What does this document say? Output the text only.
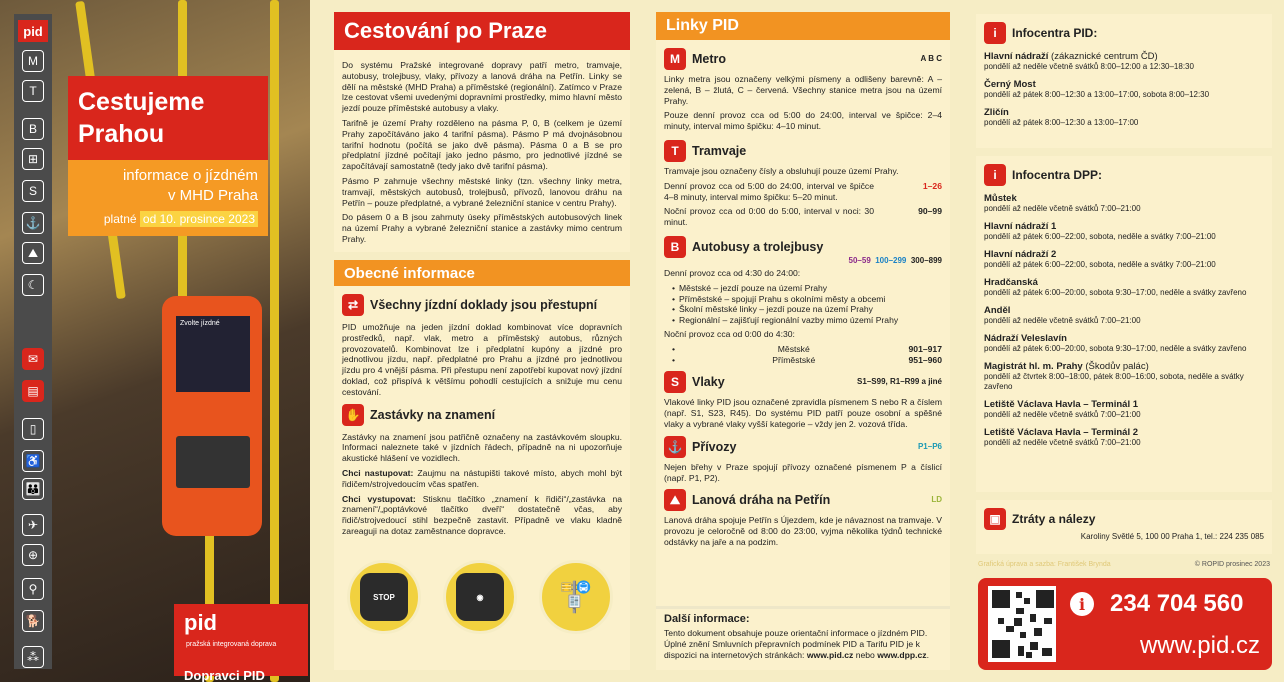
M
T
B
⊞
S
⚓
⛰
☾
✉
▤
▯
♿
👪
✈
⊕
⚲
🐕
⁂
pid
Cestujeme
Prahou
informace o jízdném
v MHD Praha
platné od 10. prosince 2023
Zvolte jízdné
pid pražská integrovaná doprava
Dopravci PID
Cestování po Praze

Do systému Pražské integrované dopravy patří metro, tramvaje, autobusy, trolejbusy, vlaky, přívozy a lanová dráha na Petřín. Linky se dělí na městské (MHD Praha) a příměstské (regionální). Zatímco v Praze lze cestovat všemi uvedenými dopravními prostředky, mimo hlavní město jezdí pouze příměstské autobusy a vlaky.

Tarifně je území Prahy rozděleno na pásma P, 0, B (celkem je území Prahy započítáváno jako 4 tarifní pásma). Pásmo P má dvojnásobnou tarifní hodnotu (počítá se jako dvě pásma). Pásma 0 a B se pro předplatní jízdné počítají jako jedno pásmo, pro jednotlivé jízdné se započítávají samostatně (tedy jako dvě tarifní pásma).

Pásmo P zahrnuje všechny městské linky (tzn. všechny linky metra, tramvají, městských autobusů, trolejbusů, přívozů, lanovou dráhu na Petřín – pouze předplatné, a vybrané železniční stanice v centru Prahy).

Do pásem 0 a B jsou zahrnuty úseky příměstských autobusových linek na území Prahy a vybrané železniční stanice a zastávky mimo centrum Prahy.

Obecné informace
⇄ Všechny jízdní doklady jsou přestupní

PID umožňuje na jeden jízdní doklad kombinovat více dopravních prostředků, např. vlak, metro a příměstský autobus, různých provozovatelů. Kombinovat lze i předplatní kupóny a jízdné pro jednotlivou jízdu, např. předplatné pro Prahu a jízdné pro jednotlivou jízdu pro 4 vnější pásma. Při přestupu není zapotřebí kupovat nový jízdní doklad, což přispívá k většímu pohodlí cestujících a snižuje mu cenu cestování.

✋ Zastávky na znamení

Zastávky na znamení jsou patřičně označeny na zastávkovém sloupku. Informaci naleznete také v jízdních řádech, případně na ni upozorňuje akustické hlášení ve vozidlech.

Chci nastupovat: Zaujmu na nástupišti takové místo, abych mohl být řidičem/strojvedoucím včas spatřen.

Chci vystupovat: Stisknu tlačítko „znamení k řidiči“/„zastávka na znamení“/„poptávkové tlačítko dveří“ dostatečně včas, aby řidič/strojvedoucí stihl bezpečně zastavit. Případně ve vlaku kladně zareaguji na dotaz zaměstnance dopravce.

STOP	◉	🚏
Linky PID
M Metro	A B C

Linky metra jsou označeny velkými písmeny a odlišeny barevně: A – zelená, B – žlutá, C – červená. Všechny stanice metra jsou na území Prahy.

Pouze denní provoz cca od 5:00 do 24:00, interval ve špičce: 2–4 minuty, interval mimo špičku: 4–10 minut.

T	Tramvaje

Tramvaje jsou označeny čísly a obsluhují pouze území Prahy.

Denní provoz cca od 5:00 do 24:00, interval ve špičce 4–8 minuty, interval mimo špičku: 5–20 minut.

1–26

Noční provoz cca od 0:00 do 5:00, interval v noci: 30 minut.

90–99
B	Autobusy a trolejbusy
50–59 100–299 300–899

Denní provoz cca od 4:30 do 24:00:

• Městské – jezdí pouze na území Prahy
• Příměstské – spojují Prahu s okolními městy a obcemi
• Školní městské linky – jezdí pouze na území Prahy
• Regionální – zajišťují regionální vazby mimo území Prahy

Noční provoz cca od 0:00 do 4:30:

• Městské	901–917
• Příměstské	951–960
S	Vlaky	S1–S99, R1–R99 a jiné

Vlakové linky PID jsou označené zpravidla písmenem S nebo R a číslem (např. S1, S23, R45). Do systému PID patří pouze osobní a spěšné vlaky a vybrané vlaky vyšší kategorie – vždy jen 2. vozová třída.

⚓ Přívozy	P1–P6

Nejen břehy v Praze spojují přívozy označené písmenem P a číslicí (např. P1, P2).

⛰ Lanová dráha na Petřín	LD

Lanová dráha spojuje Petřín s Újezdem, kde je návaznost na tramvaje. V provozu je celoročně od 8:00 do 23:00, vyjma několika týdnů technické odstávky na jaře a na podzim.

Další informace:
Tento dokument obsahuje pouze orientační informace o jízdném PID. Úplné znění Smluvních přepravních podmínek PID a Tarifu PID je k dispozici na internetových stránkách: www.pid.cz nebo www.dpp.cz.
i	Infocentra PID:
Hlavní nádraží (zákaznické centrum ČD)
pondělí až neděle včetně svátků 8:00–12:00 a 12:30–18:30
Černý Most
pondělí až pátek 8:00–12:30 a 13:00–17:00, sobota 8:00–12:30
Zličín
pondělí až pátek 8:00–12:30 a 13:00–17:00
i	Infocentra DPP:
Můstek
pondělí až neděle včetně svátků 7:00–21:00
Hlavní nádraží 1
pondělí až pátek 6:00–22:00, sobota, neděle a svátky 7:00–21:00
Hlavní nádraží 2
pondělí až pátek 6:00–22:00, sobota, neděle a svátky 7:00–21:00
Hradčanská
pondělí až pátek 6:00–20:00, sobota 9:30–17:00, neděle a svátky zavřeno
Anděl
pondělí až neděle včetně svátků 7:00–21:00
Nádraží Veleslavín
pondělí až pátek 6:00–20:00, sobota 9:30–17:00, neděle a svátky zavřeno
Magistrát hl. m. Prahy (Škodův palác)
pondělí až čtvrtek 8:00–18:00, pátek 8:00–16:00, sobota, neděle a svátky zavřeno
Letiště Václava Havla – Terminál 1
pondělí až neděle včetně svátků 7:00–21:00
Letiště Václava Havla – Terminál 2
pondělí až neděle včetně svátků 7:00–21:00
▣ Ztráty a nálezy
Karoliny Světlé 5, 100 00 Praha 1, tel.: 224 235 085
Grafická úprava a sazba: František Brynda	© ROPID prosinec 2023
i	234 704 560
www.pid.cz
